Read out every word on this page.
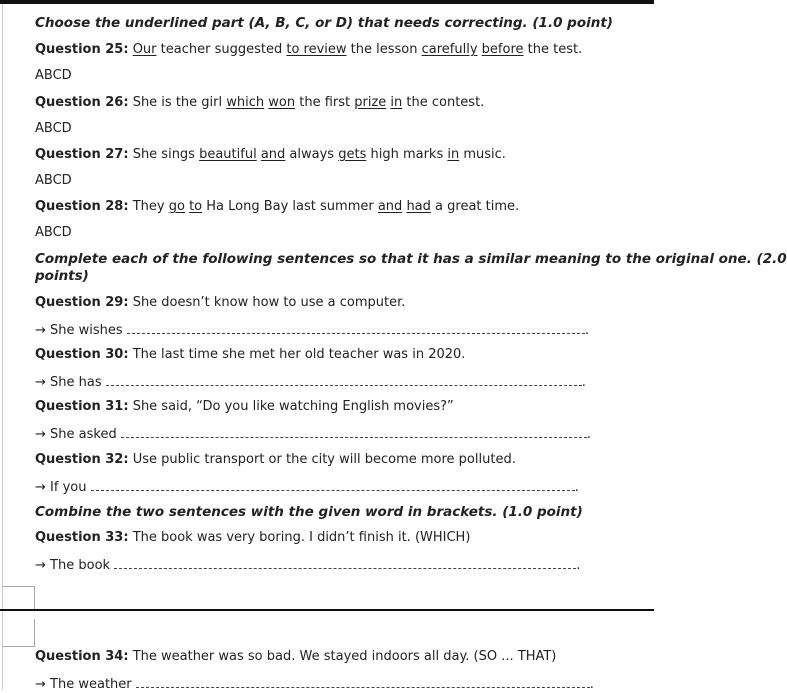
Choose the underlined part (A, B, C, or D) that needs correcting. (1.0 point)
Question 25: Our teacher suggested to review the lesson carefully before the test.
ABCD
Question 26: She is the girl which won the first prize in the contest.
ABCD
Question 27: She sings beautiful and always gets high marks in music.
ABCD
Question 28: They go to Ha Long Bay last summer and had a great time.
ABCD
Complete each of the following sentences so that it has a similar meaning to the original one. (2.0
points)
Question 29: She doesn’t know how to use a computer.
→ She wishes	.
Question 30: The last time she met her old teacher was in 2020.
→ She has	.
Question 31: She said, “Do you like watching English movies?”
→ She asked	.
Question 32: Use public transport or the city will become more polluted.
→ If you	.
Combine the two sentences with the given word in brackets. (1.0 point)
Question 33: The book was very boring. I didn’t finish it. (WHICH)
→ The book	.
Question 34: The weather was so bad. We stayed indoors all day. (SO ... THAT)
→ The weather	.
